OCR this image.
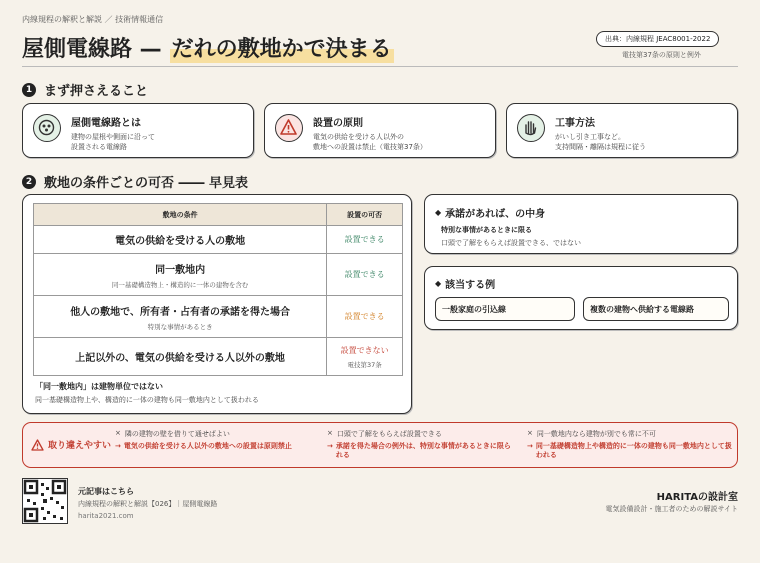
内線規程の解釈と解説 ／ 技術情報通信
屋側電線路 — だれの敷地かで決まる	出典：内線規程 JEAC8001-2022
電技第37条の原則と例外
1 まず押さえること
屋側電線路とは
建物の屋根や側面に沿って
設置される電線路
設置の原則
電気の供給を受ける人以外の
敷地への設置は禁止（電技第37条）
工事方法
がいし引き工事など。
支持間隔・離隔は規程に従う
2 敷地の条件ごとの可否 ―― 早見表
敷地の条件	設置の可否

電気の供給を受ける人の敷地	設置できる

同一敷地内
同一基礎構造物上・構造的に一体の建物を含む	設置できる

他人の敷地で、所有者・占有者の承諾を得た場合
特別な事情があるとき	設置できる

上記以外の、電気の供給を受ける人以外の敷地	設置できない
電技第37条
「同一敷地内」は建物単位ではない
同一基礎構造物上や、構造的に一体の建物も同一敷地内として扱われる
◆ 承諾があれば、の中身
特別な事情があるときに限る
口頭で了解をもらえば設置できる、ではない
◆ 該当する例
一般家庭の引込線	複数の建物へ供給する電線路
取り違えやすい
× 隣の建物の壁を借りて通せばよい
→ 電気の供給を受ける人以外の敷地への設置は原則禁止
× 口頭で了解をもらえば設置できる
→ 承諾を得た場合の例外は、特別な事情があるときに限られる
× 同一敷地内なら建物が別でも常に不可
→ 同一基礎構造物上や構造的に一体の建物も同一敷地内として扱われる
元記事はこちら
内線規程の解釈と解説【026】｜屋側電線路
harita2021.com
HARITAの設計室
電気設備設計・施工者のための解説サイト
